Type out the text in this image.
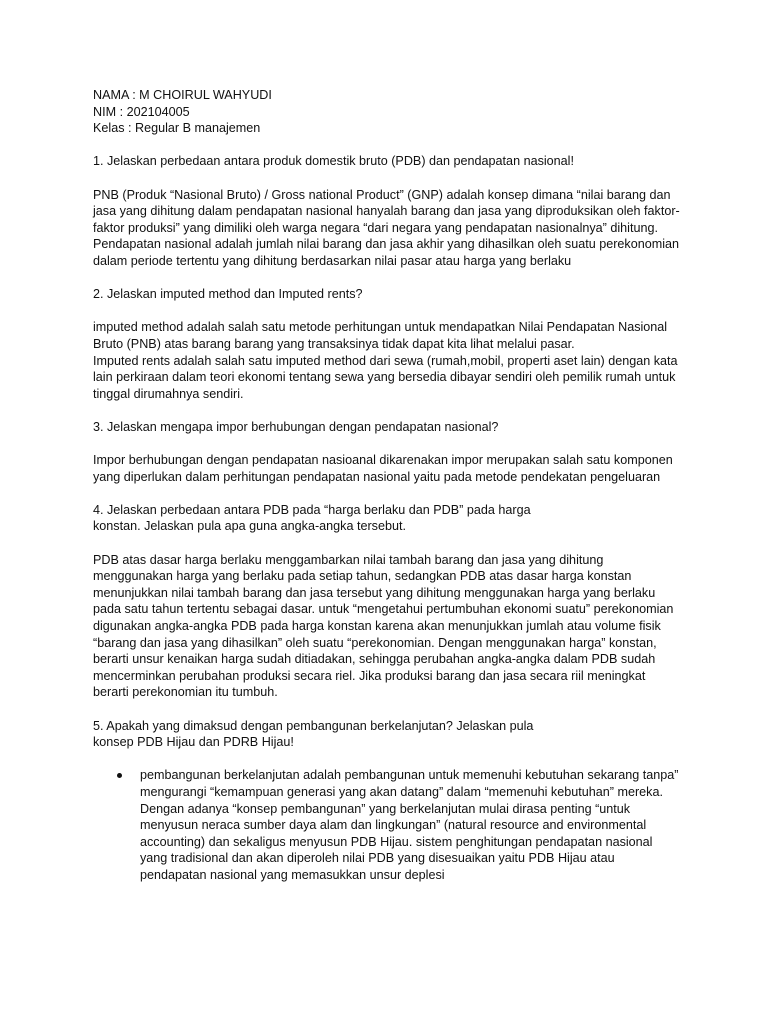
NAMA : M CHOIRUL WAHYUDI

NIM : 202104005

Kelas : Regular B manajemen

1. Jelaskan perbedaan antara produk domestik bruto (PDB) dan pendapatan nasional!

PNB (Produk “Nasional Bruto) / Gross national Product” (GNP) adalah konsep dimana “nilai barang dan jasa yang dihitung dalam pendapatan nasional hanyalah barang dan jasa yang diproduksikan oleh faktor-faktor produksi” yang dimiliki oleh warga negara “dari negara yang pendapatan nasionalnya” dihitung.

Pendapatan nasional adalah jumlah nilai barang dan jasa akhir yang dihasilkan oleh suatu perekonomian dalam periode tertentu yang dihitung berdasarkan nilai pasar atau harga yang berlaku

2. Jelaskan imputed method dan Imputed rents?

imputed method adalah salah satu metode perhitungan untuk mendapatkan Nilai Pendapatan Nasional Bruto (PNB) atas barang barang yang transaksinya tidak dapat kita lihat melalui pasar.

Imputed rents adalah salah satu imputed method dari sewa (rumah,mobil, properti aset lain) dengan kata lain perkiraan dalam teori ekonomi tentang sewa yang bersedia dibayar sendiri oleh pemilik rumah untuk tinggal dirumahnya sendiri.

3. Jelaskan mengapa impor berhubungan dengan pendapatan nasional?

Impor berhubungan dengan pendapatan nasioanal dikarenakan impor merupakan salah satu komponen yang diperlukan dalam perhitungan pendapatan nasional yaitu pada metode pendekatan pengeluaran

4. Jelaskan perbedaan antara PDB pada “harga berlaku dan PDB” pada harga

konstan. Jelaskan pula apa guna angka-angka tersebut.

PDB atas dasar harga berlaku menggambarkan nilai tambah barang dan jasa yang dihitung menggunakan harga yang berlaku pada setiap tahun, sedangkan PDB atas dasar harga konstan menunjukkan nilai tambah barang dan jasa tersebut yang dihitung menggunakan harga yang berlaku pada satu tahun tertentu sebagai dasar. untuk “mengetahui pertumbuhan ekonomi suatu” perekonomian digunakan angka-angka PDB pada harga konstan karena akan menunjukkan jumlah atau volume fisik “barang dan jasa yang dihasilkan” oleh suatu “perekonomian. Dengan menggunakan harga” konstan, berarti unsur kenaikan harga sudah ditiadakan, sehingga perubahan angka-angka dalam PDB sudah mencerminkan perubahan produksi secara riel. Jika produksi barang dan jasa secara riil meningkat berarti perekonomian itu tumbuh.

5. Apakah yang dimaksud dengan pembangunan berkelanjutan? Jelaskan pula

konsep PDB Hijau dan PDRB Hijau!

pembangunan berkelanjutan adalah pembangunan untuk memenuhi kebutuhan sekarang tanpa” mengurangi “kemampuan generasi yang akan datang” dalam “memenuhi kebutuhan” mereka. Dengan adanya “konsep pembangunan” yang berkelanjutan mulai dirasa penting “untuk menyusun neraca sumber daya alam dan lingkungan” (natural resource and environmental accounting) dan sekaligus menyusun PDB Hijau. sistem penghitungan pendapatan nasional yang tradisional dan akan diperoleh nilai PDB yang disesuaikan yaitu PDB Hijau atau pendapatan nasional yang memasukkan unsur deplesi
